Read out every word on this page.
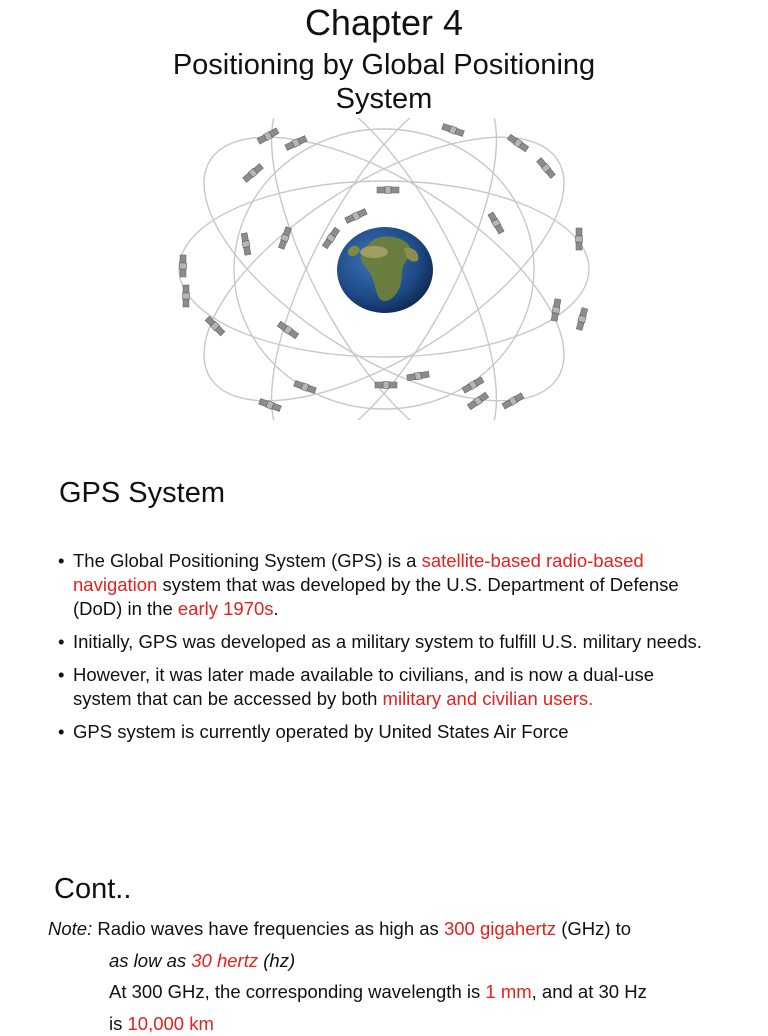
Chapter 4
Positioning by Global Positioning
System
GPS System
• The Global Positioning System (GPS) is a satellite-based radio-based navigation system that was developed by the U.S. Department of Defense (DoD) in the early 1970s.
• Initially, GPS was developed as a military system to fulfill U.S. military needs.
• However, it was later made available to civilians, and is now a dual-use system that can be accessed by both military and civilian users.
• GPS system is currently operated by United States Air Force
Cont..
Note: Radio waves have frequencies as high as 300 gigahertz (GHz) to
as low as 30 hertz (hz)
At 300 GHz, the corresponding wavelength is 1 mm, and at 30 Hz
is 10,000 km
